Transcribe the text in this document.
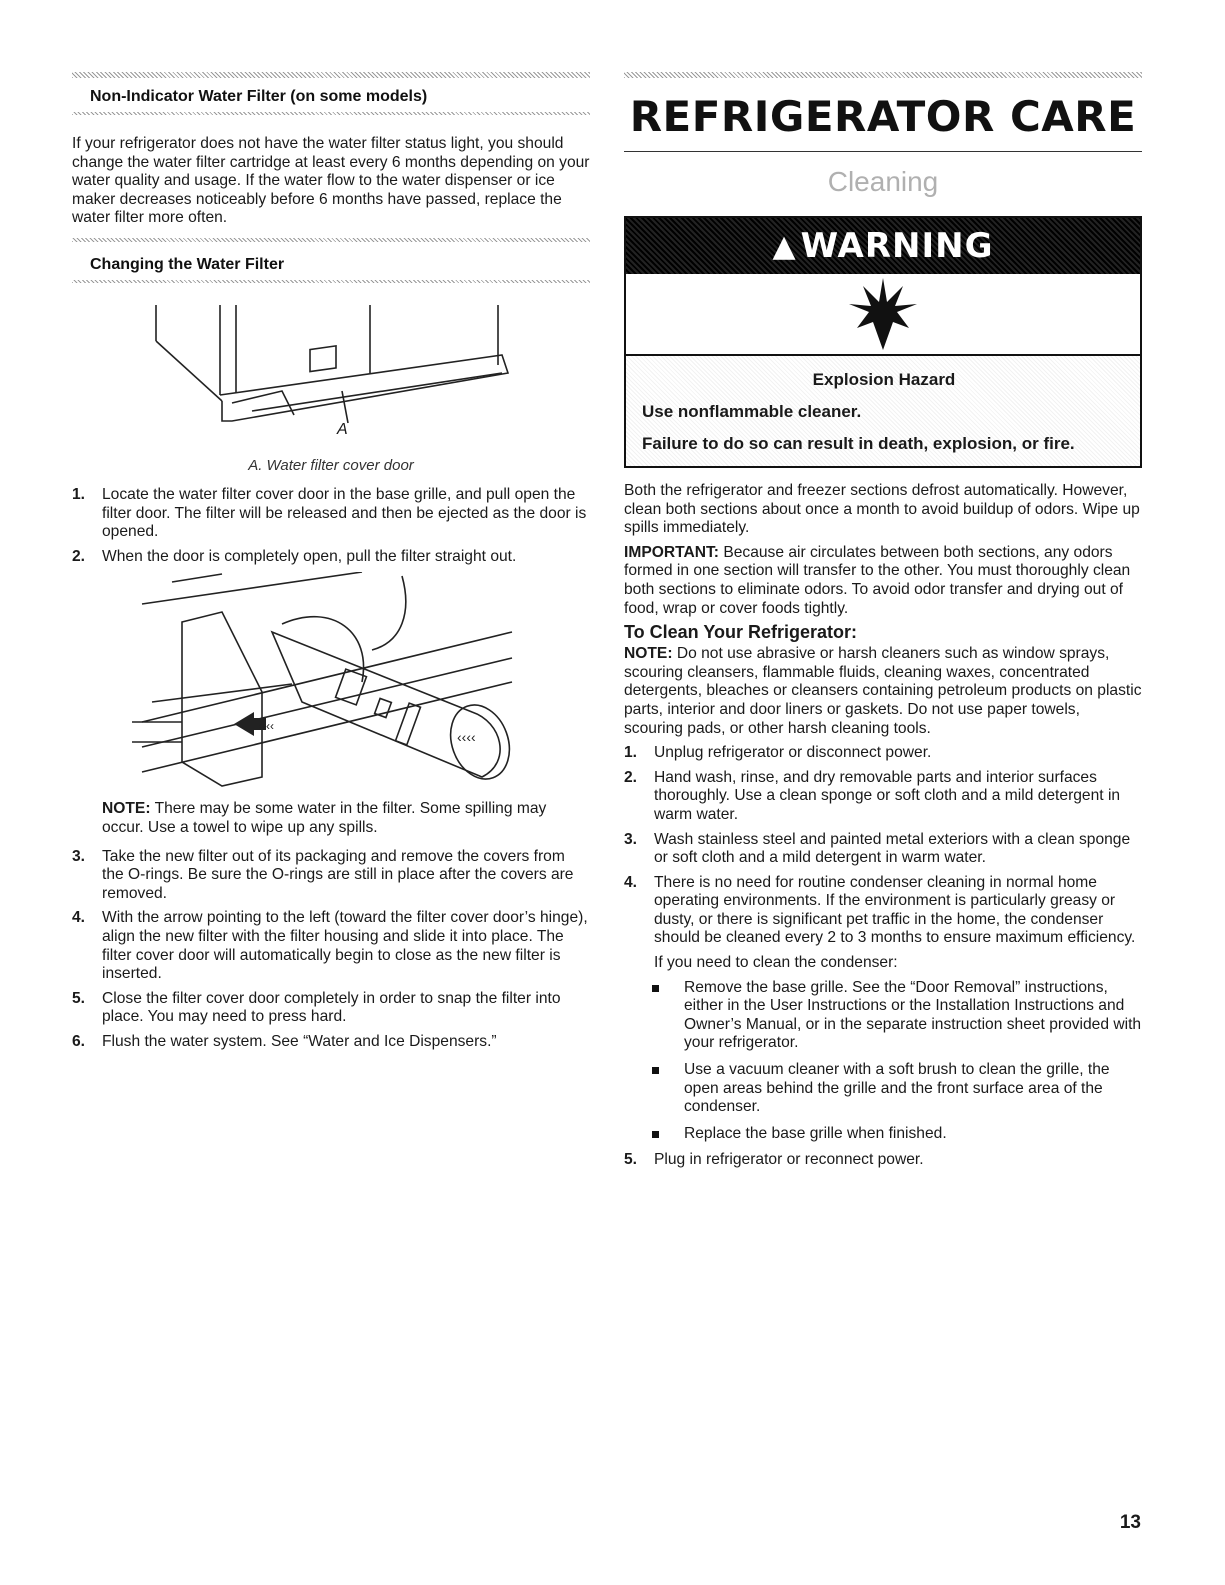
Non-Indicator Water Filter (on some models)

If your refrigerator does not have the water filter status light, you should change the water filter cartridge at least every 6 months depending on your water quality and usage. If the water flow to the water dispenser or ice maker decreases noticeably before 6 months have passed, replace the water filter more often.

Changing the Water Filter
A
A. Water filter cover door
1. Locate the water filter cover door in the base grille, and pull open the filter door. The filter will be released and then be ejected as the door is opened.
2. When the door is completely open, pull the filter straight out.
‹‹‹‹
‹‹‹‹
NOTE: There may be some water in the filter. Some spilling may occur. Use a towel to wipe up any spills.
3. Take the new filter out of its packaging and remove the covers from the O-rings. Be sure the O-rings are still in place after the covers are removed.
4. With the arrow pointing to the left (toward the filter cover door’s hinge), align the new filter with the filter housing and slide it into place. The filter cover door will automatically begin to close as the new filter is inserted.
5. Close the filter cover door completely in order to snap the filter into place. You may need to press hard.
6. Flush the water system. See “Water and Ice Dispensers.”
REFRIGERATOR CARE
Cleaning
▲ WARNING
Explosion Hazard
Use nonflammable cleaner.
Failure to do so can result in death, explosion, or fire.

Both the refrigerator and freezer sections defrost automatically. However, clean both sections about once a month to avoid buildup of odors. Wipe up spills immediately.

IMPORTANT: Because air circulates between both sections, any odors formed in one section will transfer to the other. You must thoroughly clean both sections to eliminate odors. To avoid odor transfer and drying out of food, wrap or cover foods tightly.

To Clean Your Refrigerator:

NOTE: Do not use abrasive or harsh cleaners such as window sprays, scouring cleansers, flammable fluids, cleaning waxes, concentrated detergents, bleaches or cleansers containing petroleum products on plastic parts, interior and door liners or gaskets. Do not use paper towels, scouring pads, or other harsh cleaning tools.

1. Unplug refrigerator or disconnect power.
2. Hand wash, rinse, and dry removable parts and interior surfaces thoroughly. Use a clean sponge or soft cloth and a mild detergent in warm water.
3. Wash stainless steel and painted metal exteriors with a clean sponge or soft cloth and a mild detergent in warm water.
4. There is no need for routine condenser cleaning in normal home operating environments. If the environment is particularly greasy or dusty, or there is significant pet traffic in the home, the condenser should be cleaned every 2 to 3 months to ensure maximum efficiency.
If you need to clean the condenser:
Remove the base grille. See the “Door Removal” instructions, either in the User Instructions or the Installation Instructions and Owner’s Manual, or in the separate instruction sheet provided with your refrigerator.
Use a vacuum cleaner with a soft brush to clean the grille, the open areas behind the grille and the front surface area of the condenser.
Replace the base grille when finished.
5. Plug in refrigerator or reconnect power.
13
